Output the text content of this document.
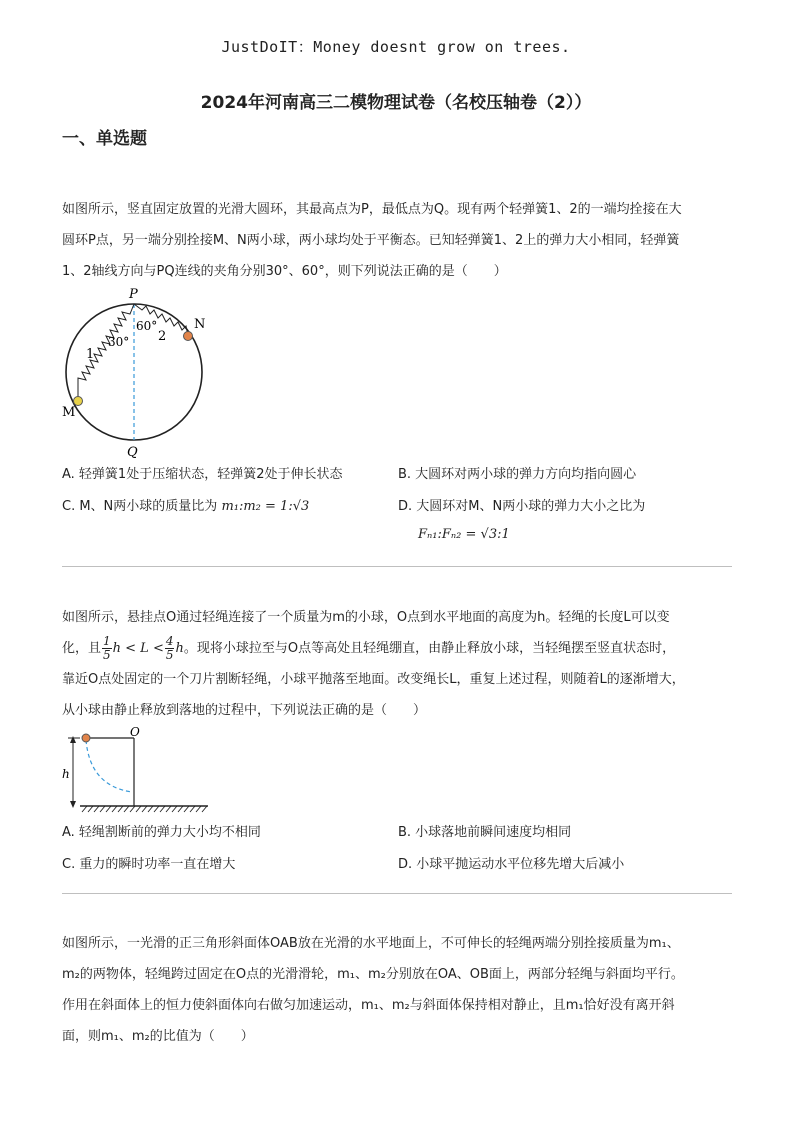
JustDoIT：Money doesnt grow on trees.
2024年河南高三二模物理试卷（名校压轴卷（2））
一、单选题
如图所示，竖直固定放置的光滑大圆环，其最高点为P，最低点为Q。现有两个轻弹簧1、2的一端均拴接在大
圆环P点，另一端分别拴接M、N两小球，两小球均处于平衡态。已知轻弹簧1、2上的弹力大小相同，轻弹簧
1、2轴线方向与PQ连线的夹角分别30°、60°，则下列说法正确的是（　　）
P
Q
M
N
1
2
30°
60°
A. 轻弹簧1处于压缩状态，轻弹簧2处于伸长状态	B. 大圆环对两小球的弹力方向均指向圆心
C. M、N两小球的质量比为 m₁:m₂ = 1:√3	D. 大圆环对M、N两小球的弹力大小之比为
Fₙ₁:Fₙ₂ = √3:1
如图所示，悬挂点O通过轻绳连接了一个质量为m的小球，O点到水平地面的高度为h。轻绳的长度L可以变
化，且 $\frac{1}{5}$ $h < L < \frac{4}{5}$ h。现将小球拉至与O点等高处且轻绳绷直，由静止释放小球，当轻绳摆至竖直状态时，
靠近O点处固定的一个刀片割断轻绳，小球平抛落至地面。改变绳长L，重复上述过程，则随着L的逐渐增大，
从小球由静止释放到落地的过程中，下列说法正确的是（　　）
O
h
A. 轻绳割断前的弹力大小均不相同	B. 小球落地前瞬间速度均相同
C. 重力的瞬时功率一直在增大	D. 小球平抛运动水平位移先增大后减小
如图所示，一光滑的正三角形斜面体OAB放在光滑的水平地面上，不可伸长的轻绳两端分别拴接质量为m₁、
m₂的两物体，轻绳跨过固定在O点的光滑滑轮，m₁、m₂分别放在OA、OB面上，两部分轻绳与斜面均平行。
作用在斜面体上的恒力使斜面体向右做匀加速运动，m₁、m₂与斜面体保持相对静止，且m₁恰好没有离开斜
面，则m₁、m₂的比值为（　　）
